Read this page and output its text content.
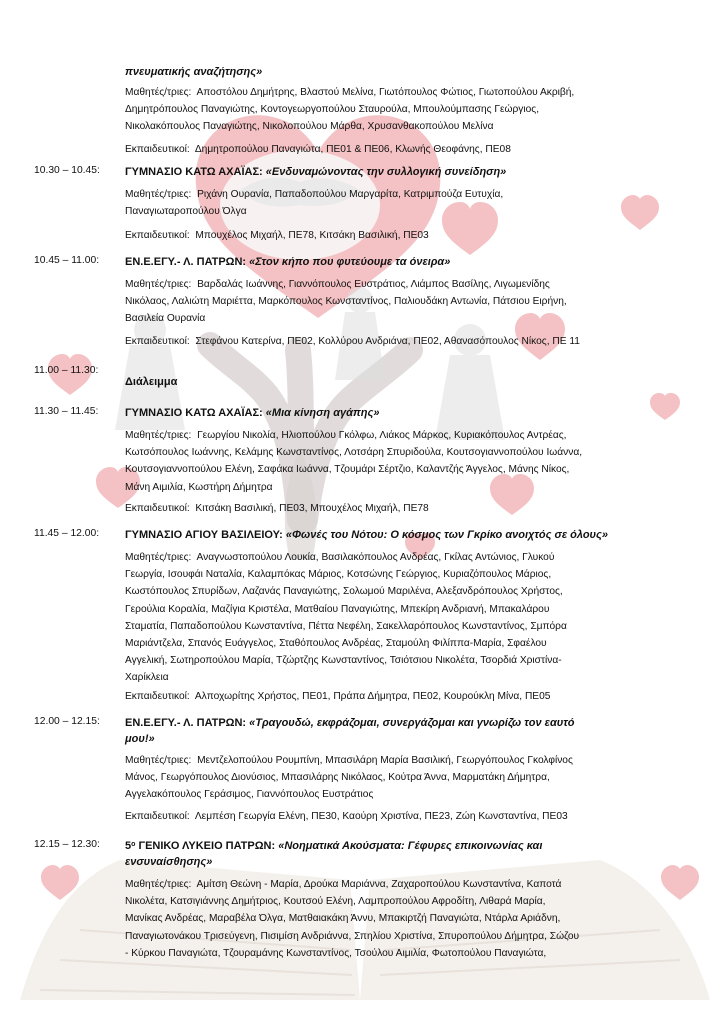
πνευματικής αναζήτησης»
Μαθητές/τριες: Αποστόλου Δημήτρης, Βλαστού Μελίνα, Γιωτόπουλος Φώτιος, Γιωτοπούλου Ακριβή,
Δημητρόπουλος Παναγιώτης, Κοντογεωργοπούλου Σταυρούλα, Μπουλούμπασης Γεώργιος,
Νικολακόπουλος Παναγιώτης, Νικολοπούλου Μάρθα, Χρυσανθακοπούλου Μελίνα
Εκπαιδευτικοί: Δημητροπούλου Παναγιώτα, ΠΕ01 & ΠΕ06, Κλωνής Θεοφάνης, ΠΕ08
10.30 – 10.45: ΓΥΜΝΑΣΙΟ ΚΑΤΩ ΑΧΑΪΑΣ: «Ενδυναμώνοντας την συλλογική συνείδηση»
Μαθητές/τριες: Ριχάνη Ουρανία, Παπαδοπούλου Μαργαρίτα, Κατριμπούζα Ευτυχία,
Παναγιωταροπούλου Όλγα
Εκπαιδευτικοί: Μπουχέλος Μιχαήλ, ΠΕ78, Κιτσάκη Βασιλική, ΠΕ03
10.45 – 11.00: ΕΝ.Ε.ΕΓΥ.- Λ. ΠΑΤΡΩΝ: «Στον κήπο που φυτεύουμε τα όνειρα»
Μαθητές/τριες: Βαρδαλάς Ιωάννης, Γιαννόπουλος Ευστράτιος, Λιάμπος Βασίλης, Λιγωμενίδης
Νικόλαος, Λαλιώτη Μαριέττα, Μαρκόπουλος Κωνσταντίνος, Παλιουδάκη Αντωνία, Πάτσιου Ειρήνη,
Βασιλεία Ουρανία
Εκπαιδευτικοί: Στεφάνου Κατερίνα, ΠΕ02, Κολλύρου Ανδριάνα, ΠΕ02, Αθανασόπουλος Νίκος, ΠΕ 11
11.00 – 11.30:
Διάλειμμα
11.30 – 11.45: ΓΥΜΝΑΣΙΟ ΚΑΤΩ ΑΧΑΪΑΣ: «Μια κίνηση αγάπης»
Μαθητές/τριες: Γεωργίου Νικολία, Ηλιοπούλου Γκόλφω, Λιάκος Μάρκος, Κυριακόπουλος Αντρέας,
Κωτσόπουλος Ιωάννης, Κελάμης Κωνσταντίνος, Λοτσάρη Σπυριδούλα, Κουτσογιαννοπούλου Ιωάννα,
Κουτσογιαννοπούλου Ελένη, Σαφάκα Ιωάννα, Τζουμάρι Σέρτζιο, Καλαντζής Άγγελος, Μάνης Νίκος,
Μάνη Αιμιλία, Κωστήρη Δήμητρα
Εκπαιδευτικοί: Κιτσάκη Βασιλική, ΠΕ03, Μπουχέλος Μιχαήλ, ΠΕ78
11.45 – 12.00: ΓΥΜΝΑΣΙΟ ΑΓΙΟΥ ΒΑΣΙΛΕΙΟΥ: «Φωνές του Νότου: Ο κόσμος των Γκρίκο ανοιχτός σε όλους»
Μαθητές/τριες: Αναγνωστοπούλου Λουκία, Βασιλακόπουλος Ανδρέας, Γκίλας Αντώνιος, Γλυκού
Γεωργία, Ισουφάι Ναταλία, Καλαμπόκας Μάριος, Κοτσώνης Γεώργιος, Κυριαζόπουλος Μάριος,
Κωστόπουλος Σπυρίδων, Λαζανάς Παναγιώτης, Σολωμού Μαριλένα, Αλεξανδρόπουλος Χρήστος,
Γερούλια Κοραλία, Μαζίγια Κριστέλα, Ματθαίου Παναγιώτης, Μπεκίρη Ανδριανή, Μπακαλάρου
Σταματία, Παπαδοπούλου Κωνσταντίνα, Πέττα Νεφέλη, Σακελλαρόπουλος Κωνσταντίνος, Σμπόρα
Μαριάντζελα, Σπανός Ευάγγελος, Σταθόπουλος Ανδρέας, Σταμούλη Φιλίππα-Μαρία, Σφαέλου
Αγγελική, Σωτηροπούλου Μαρία, Τζώρτζης Κωνσταντίνος, Τσιότσιου Νικολέτα, Τσορδιά Χριστίνα-
Χαρίκλεια
Εκπαιδευτικοί: Αλποχωρίτης Χρήστος, ΠΕ01, Πράπα Δήμητρα, ΠΕ02, Κουρούκλη Μίνα, ΠΕ05
12.00 – 12.15: ΕΝ.Ε.ΕΓΥ.- Λ. ΠΑΤΡΩΝ: «Τραγουδώ, εκφράζομαι, συνεργάζομαι και γνωρίζω τον εαυτό
μου!»
Μαθητές/τριες: Μεντζελοπούλου Ρουμπίνη, Μπασιλάρη Μαρία Βασιλική, Γεωργόπουλος Γκολφίνος
Μάνος, Γεωργόπουλος Διονύσιος, Μπασιλάρης Νικόλαος, Κούτρα Άννα, Μαρματάκη Δήμητρα,
Αγγελακόπουλος Γεράσιμος, Γιαννόπουλος Ευστράτιος
Εκπαιδευτικοί: Λεμπέση Γεωργία Ελένη, ΠΕ30, Καούρη Χριστίνα, ΠΕ23, Ζώη Κωνσταντίνα, ΠΕ03
12.15 – 12.30: $5^o$ ΓΕΝΙΚΟ ΛΥΚΕΙΟ ΠΑΤΡΩΝ: «Νοηματικά Ακούσματα: Γέφυρες επικοινωνίας και
ενσυναίσθησης»
Μαθητές/τριες: Αμίτση Θεώνη - Μαρία, Δρούκα Μαριάννα, Ζαχαροπούλου Κωνσταντίνα, Καποτά
Νικολέτα, Κατσιγιάννης Δημήτριος, Κουτσού Ελένη, Λαμπροπούλου Αφροδίτη, Λιθαρά Μαρία,
Μανίκας Ανδρέας, Μαραβέλα Όλγα, Ματθαιακάκη Άννυ, Μπακιρτζή Παναγιώτα, Ντάρλα Αριάδνη,
Παναγιωτονάκου Τρισεύγενη, Πισιμίση Ανδριάννα, Σπηλίου Χριστίνα, Σπυροπούλου Δήμητρα, Σώζου
- Κύρκου Παναγιώτα, Τζουραμάνης Κωνσταντίνος, Τσούλου Αιμιλία, Φωτοπούλου Παναγιώτα,
